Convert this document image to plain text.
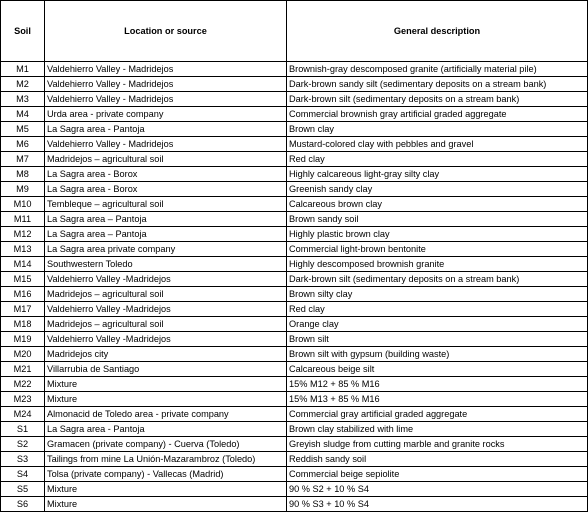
Soil	Location or source	General description
M1	Valdehierro Valley - Madridejos	Brownish-gray descomposed granite (artificially material pile)
M2	Valdehierro Valley - Madridejos	Dark-brown sandy silt (sedimentary deposits on a stream bank)
M3	Valdehierro Valley - Madridejos	Dark-brown silt (sedimentary deposits on a stream bank)
M4	Urda area - private company	Commercial brownish gray artificial graded aggregate
M5	La Sagra area - Pantoja	Brown clay
M6	Valdehierro Valley - Madridejos	Mustard-colored clay with pebbles and gravel
M7	Madridejos – agricultural soil	Red clay
M8	La Sagra area - Borox	Highly calcareous light-gray silty clay
M9	La Sagra area - Borox	Greenish sandy clay
M10	Tembleque – agricultural soil	Calcareous brown clay
M11	La Sagra area – Pantoja	Brown sandy soil
M12	La Sagra area – Pantoja	Highly plastic brown clay
M13	La Sagra area private company	Commercial light-brown bentonite
M14	Southwestern Toledo	Highly descomposed brownish granite
M15	Valdehierro Valley -Madridejos	Dark-brown silt (sedimentary deposits on a stream bank)
M16	Madridejos – agricultural soil	Brown silty clay
M17	Valdehierro Valley -Madridejos	Red clay
M18	Madridejos – agricultural soil	Orange clay
M19	Valdehierro Valley -Madridejos	Brown silt
M20	Madridejos city	Brown silt with gypsum (building waste)
M21	Villarrubia de Santiago	Calcareous beige silt
M22	Mixture	15% M12 + 85 % M16
M23	Mixture	15% M13 + 85 % M16
M24	Almonacid de Toledo area - private company	Commercial gray artificial graded aggregate
S1	La Sagra area - Pantoja	Brown clay stabilized with lime
S2	Gramacen (private company) - Cuerva (Toledo)	Greyish sludge from cutting marble and granite rocks
S3	Tailings from mine La Unión-Mazarambroz (Toledo)	Reddish sandy soil
S4	Tolsa (private company) - Vallecas (Madrid)	Commercial beige sepiolite
S5	Mixture	90 % S2 + 10 % S4
S6	Mixture	90 % S3 + 10 % S4
